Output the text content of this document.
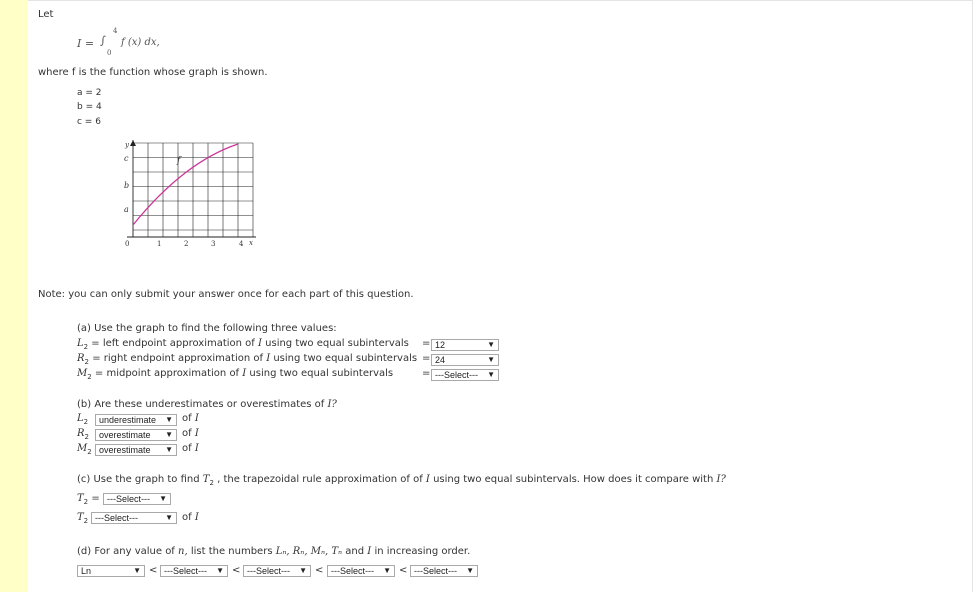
Let
I = ∫
4
0
f (x) dx,
where f is the function whose graph is shown.
a = 2
b = 4
c = 6
y
x
f
c
b
a
0	1	2	3	4
Note: you can only submit your answer once for each part of this question.
(a) Use the graph to find the following three values:
$L_2$ = left endpoint approximation of I using two equal subintervals = 12	▼
$R_2$ = right endpoint approximation of I using two equal subintervals = 24	▼
$M_2$ = midpoint approximation of I using two equal subintervals	= ---Select--- ▼
(b) Are these underestimates or overestimates of I?
$L_2$	underestimate ▼ of I
$R_2$	overestimate ▼ of I
$M_2$ overestimate ▼ of I
(c) Use the graph to find $T_2$ , the trapezoidal rule approximation of of I using two equal subintervals. How does it compare with I?
$T_2$ = ---Select--- ▼
$T_2$ ---Select---	▼ of I
(d) For any value of n, list the numbers Lₙ, Rₙ, Mₙ, Tₙ and I in increasing order.
Ln	▼ < ---Select--- ▼ < ---Select--- ▼ < ---Select--- ▼ < ---Select--- ▼
